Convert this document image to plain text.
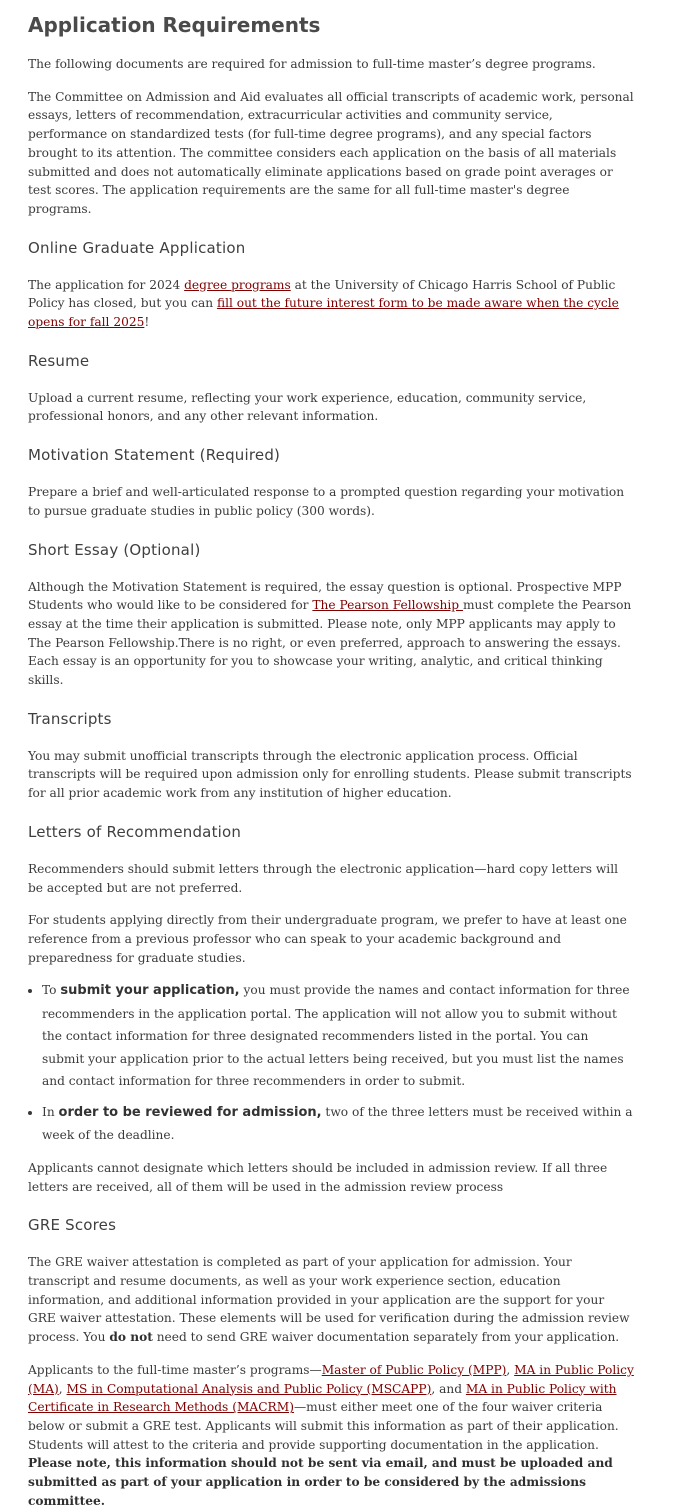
Application Requirements

The following documents are required for admission to full-time master’s degree programs.

The Committee on Admission and Aid evaluates all official transcripts of academic work, personal essays, letters of recommendation, extracurricular activities and community service, performance on standardized tests (for full-time degree programs), and any special factors brought to its attention. The committee considers each application on the basis of all materials submitted and does not automatically eliminate applications based on grade point averages or test scores. The application requirements are the same for all full-time master's degree programs.

Online Graduate Application

The application for 2024 degree programs at the University of Chicago Harris School of Public Policy has closed, but you can fill out the future interest form to be made aware when the cycle opens for fall 2025!

Resume

Upload a current resume, reflecting your work experience, education, community service, professional honors, and any other relevant information.

Motivation Statement (Required)

Prepare a brief and well-articulated response to a prompted question regarding your motivation to pursue graduate studies in public policy (300 words).

Short Essay (Optional)

Although the Motivation Statement is required, the essay question is optional. Prospective MPP Students who would like to be considered for The Pearson Fellowship must complete the Pearson essay at the time their application is submitted. Please note, only MPP applicants may apply to The Pearson Fellowship.There is no right, or even preferred, approach to answering the essays. Each essay is an opportunity for you to showcase your writing, analytic, and critical thinking skills.

Transcripts

You may submit unofficial transcripts through the electronic application process. Official transcripts will be required upon admission only for enrolling students. Please submit transcripts for all prior academic work from any institution of higher education.

Letters of Recommendation

Recommenders should submit letters through the electronic application—hard copy letters will be accepted but are not preferred.

For students applying directly from their undergraduate program, we prefer to have at least one reference from a previous professor who can speak to your academic background and preparedness for graduate studies.

• To submit your application, you must provide the names and contact information for three recommenders in the application portal. The application will not allow you to submit without the contact information for three designated recommenders listed in the portal. You can submit your application prior to the actual letters being received, but you must list the names and contact information for three recommenders in order to submit.
• In order to be reviewed for admission, two of the three letters must be received within a week of the deadline.

Applicants cannot designate which letters should be included in admission review. If all three letters are received, all of them will be used in the admission review process

GRE Scores

The GRE waiver attestation is completed as part of your application for admission. Your transcript and resume documents, as well as your work experience section, education information, and additional information provided in your application are the support for your GRE waiver attestation. These elements will be used for verification during the admission review process. You do not need to send GRE waiver documentation separately from your application.

Applicants to the full-time master’s programs—Master of Public Policy (MPP), MA in Public Policy (MA), MS in Computational Analysis and Public Policy (MSCAPP), and MA in Public Policy with Certificate in Research Methods (MACRM)—must either meet one of the four waiver criteria below or submit a GRE test. Applicants will submit this information as part of their application. Students will attest to the criteria and provide supporting documentation in the application. Please note, this information should not be sent via email, and must be uploaded and submitted as part of your application in order to be considered by the admissions committee.
